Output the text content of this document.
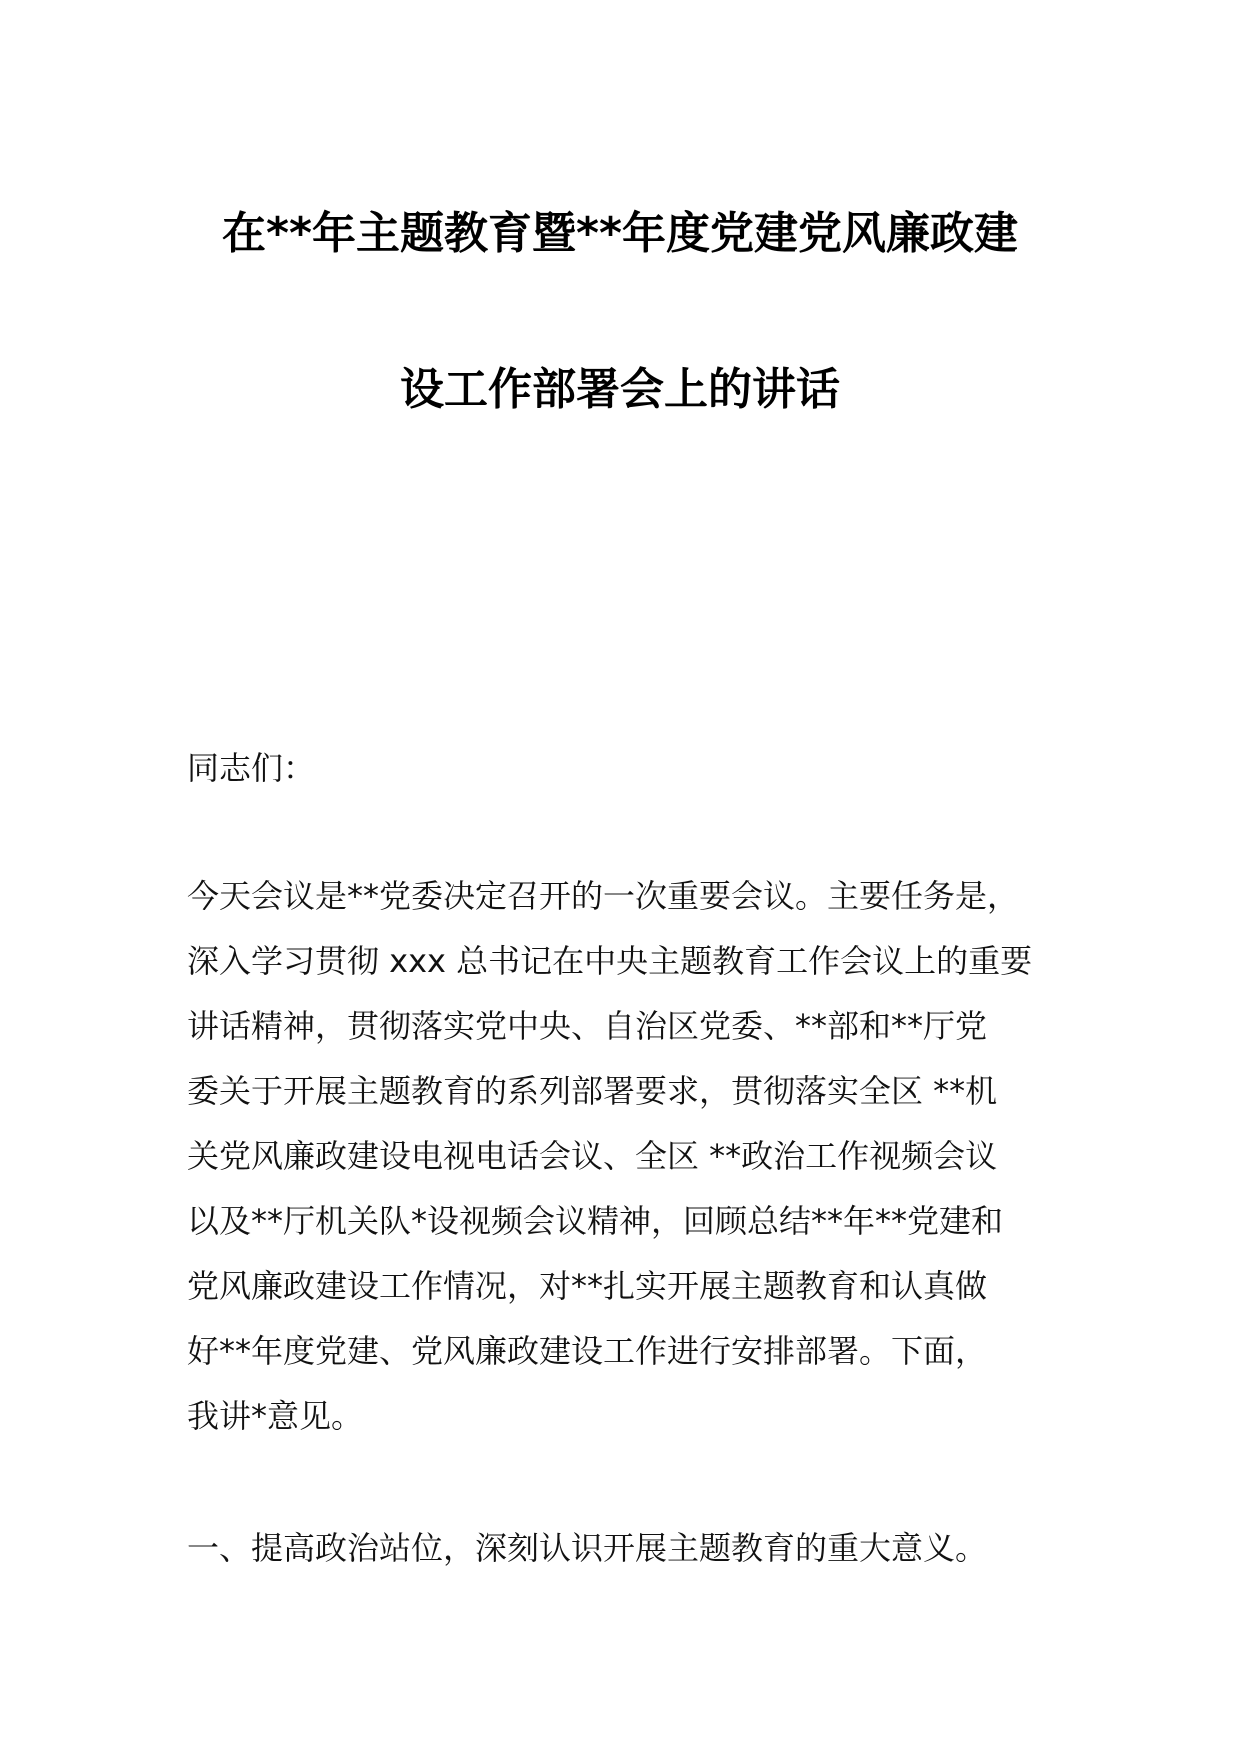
在**年主题教育暨**年度党建党风廉政建
设工作部署会上的讲话

同志们：

今天会议是**党委决定召开的一次重要会议。主要任务是，
深入学习贯彻 xxx 总书记在中央主题教育工作会议上的重要
讲话精神，贯彻落实党中央、自治区党委、**部和**厅党
委关于开展主题教育的系列部署要求，贯彻落实全区 **机
关党风廉政建设电视电话会议、全区 **政治工作视频会议
以及**厅机关队*设视频会议精神，回顾总结**年**党建和
党风廉政建设工作情况，对**扎实开展主题教育和认真做
好**年度党建、党风廉政建设工作进行安排部署。下面，
我讲*意见。

一、提高政治站位，深刻认识开展主题教育的重大意义。
